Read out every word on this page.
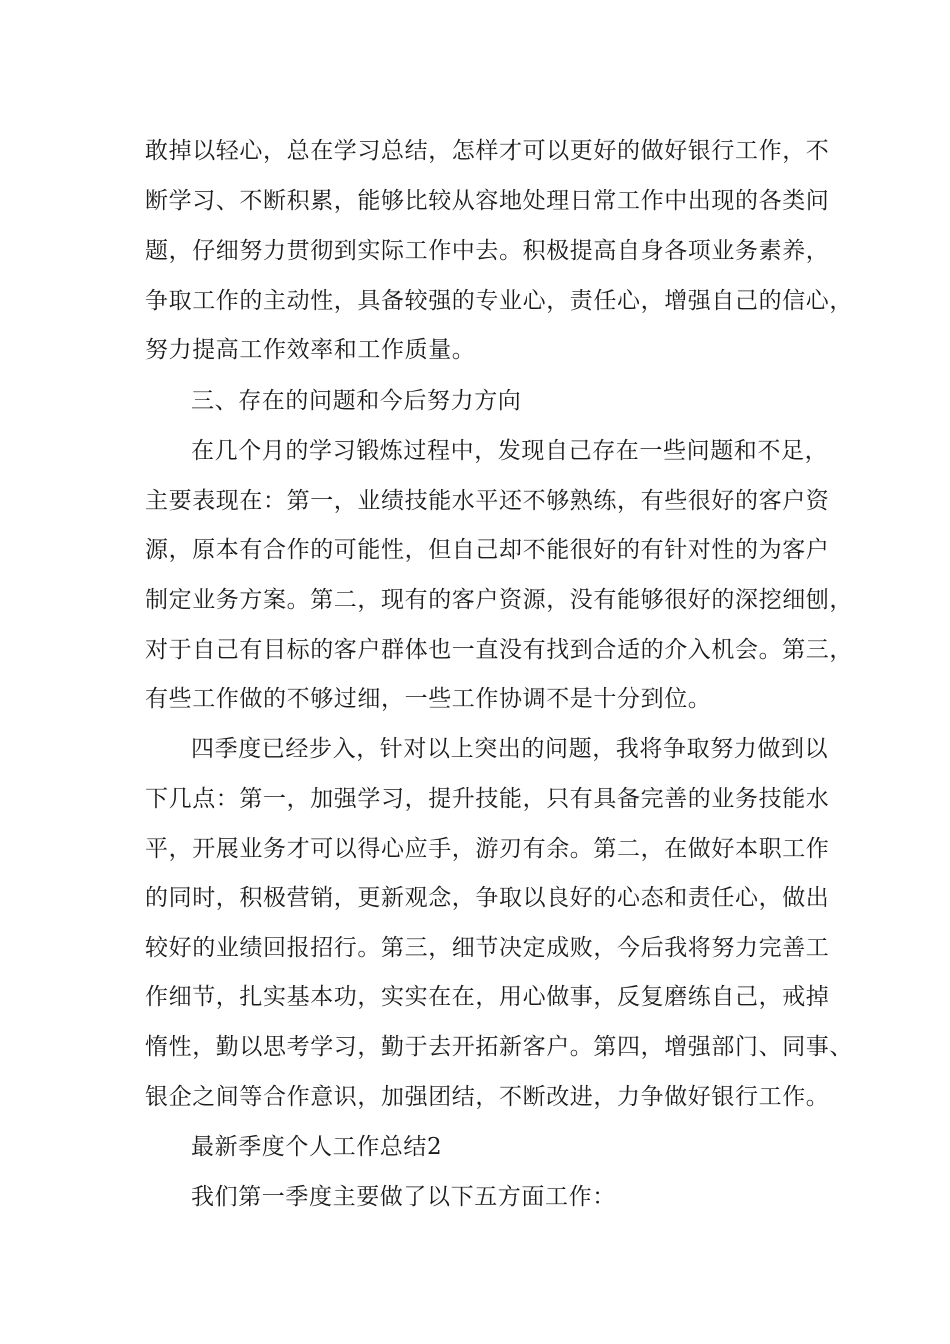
敢掉以轻心，总在学习总结，怎样才可以更好的做好银行工作，不
断学习、不断积累，能够比较从容地处理日常工作中出现的各类问
题，仔细努力贯彻到实际工作中去。积极提高自身各项业务素养，
争取工作的主动性，具备较强的专业心，责任心，增强自己的信心，
努力提高工作效率和工作质量。
三、存在的问题和今后努力方向
在几个月的学习锻炼过程中，发现自己存在一些问题和不足，
主要表现在：第一，业绩技能水平还不够熟练，有些很好的客户资
源，原本有合作的可能性，但自己却不能很好的有针对性的为客户
制定业务方案。第二，现有的客户资源，没有能够很好的深挖细刨，
对于自己有目标的客户群体也一直没有找到合适的介入机会。第三，
有些工作做的不够过细，一些工作协调不是十分到位。
四季度已经步入，针对以上突出的问题，我将争取努力做到以
下几点：第一，加强学习，提升技能，只有具备完善的业务技能水
平，开展业务才可以得心应手，游刃有余。第二，在做好本职工作
的同时，积极营销，更新观念，争取以良好的心态和责任心，做出
较好的业绩回报招行。第三，细节决定成败，今后我将努力完善工
作细节，扎实基本功，实实在在，用心做事，反复磨练自己，戒掉
惰性，勤以思考学习，勤于去开拓新客户。第四，增强部门、同事、
银企之间等合作意识，加强团结，不断改进，力争做好银行工作。
最新季度个人工作总结2
我们第一季度主要做了以下五方面工作：
